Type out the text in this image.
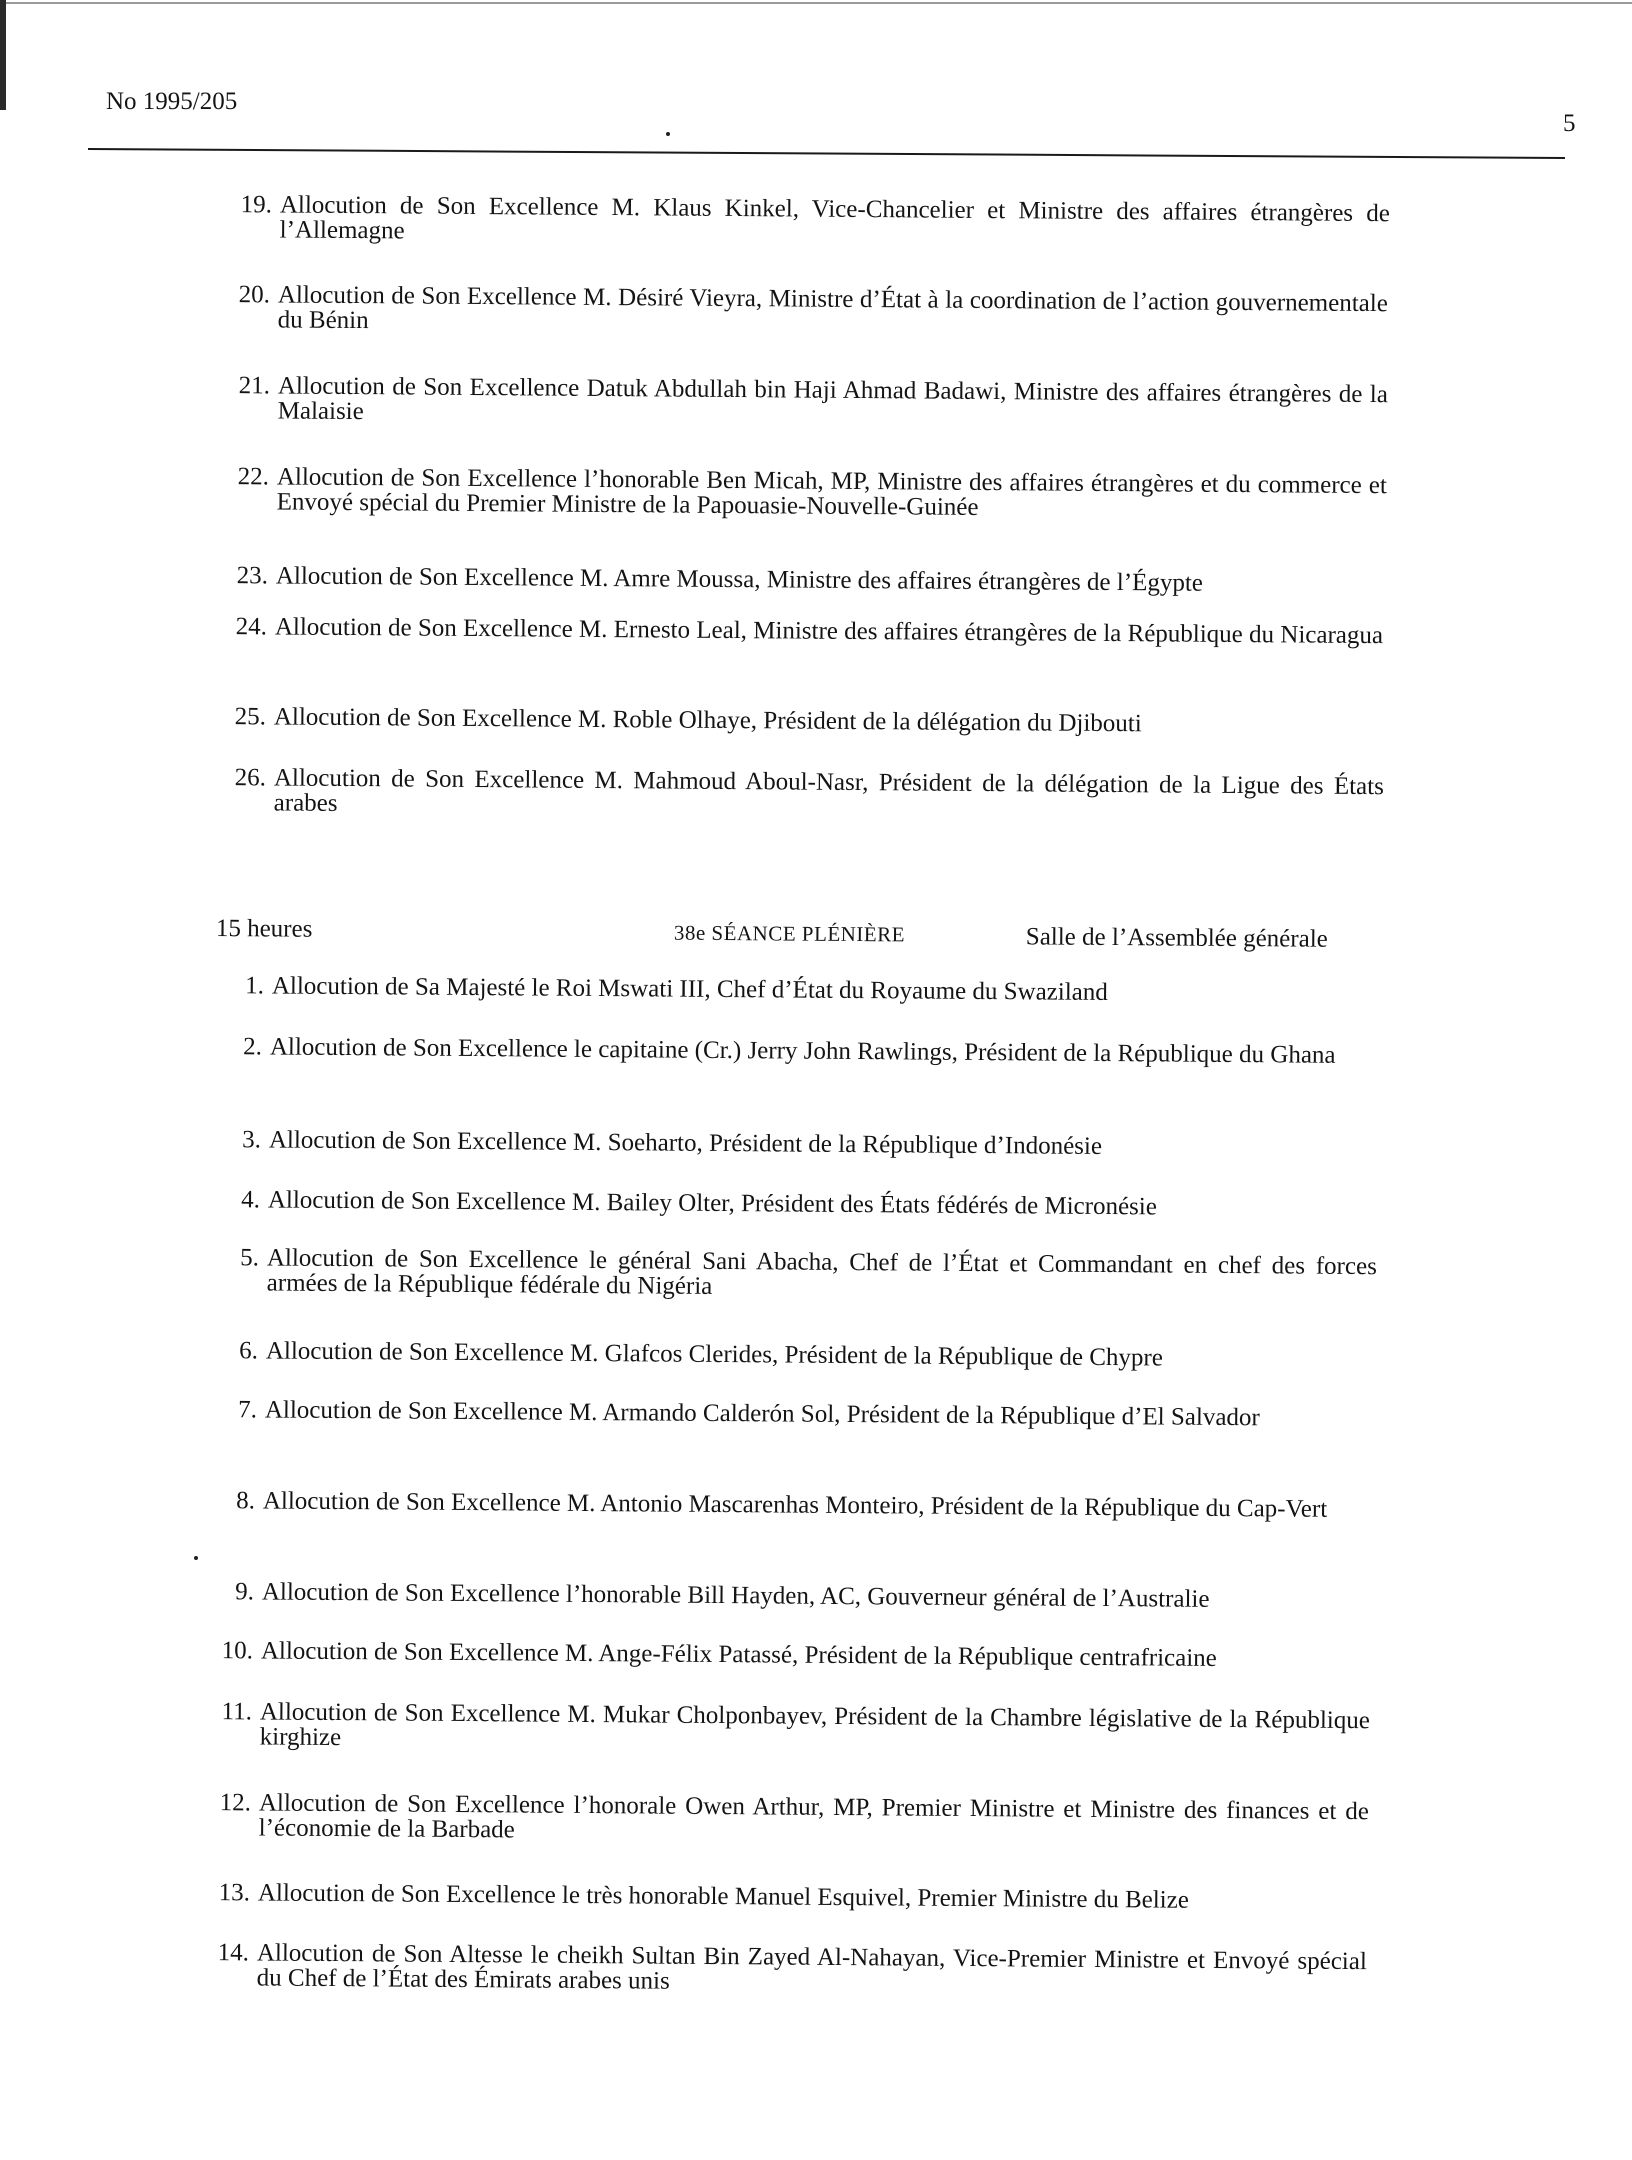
No 1995/205
5
19. Allocution de Son Excellence M. Klaus Kinkel, Vice-Chancelier et Ministre des affaires étrangères de l’Allemagne
20. Allocution de Son Excellence M. Désiré Vieyra, Ministre d’État à la coordination de l’action gouvernementale du Bénin
21. Allocution de Son Excellence Datuk Abdullah bin Haji Ahmad Badawi, Ministre des affaires étrangères de la Malaisie
22. Allocution de Son Excellence l’honorable Ben Micah, MP, Ministre des affaires étrangères et du commerce et Envoyé spécial du Premier Ministre de la Papouasie-Nouvelle-Guinée
23. Allocution de Son Excellence M. Amre Moussa, Ministre des affaires étrangères de l’Égypte
24. Allocution de Son Excellence M. Ernesto Leal, Ministre des affaires étrangères de la République du Nicaragua
25. Allocution de Son Excellence M. Roble Olhaye, Président de la délégation du Djibouti
26. Allocution de Son Excellence M. Mahmoud Aboul-Nasr, Président de la délégation de la Ligue des États arabes
15 heures	38e SÉANCE PLÉNIÈRE	Salle de l’Assemblée générale
1. Allocution de Sa Majesté le Roi Mswati III, Chef d’État du Royaume du Swaziland
2. Allocution de Son Excellence le capitaine (Cr.) Jerry John Rawlings, Président de la République du Ghana
3. Allocution de Son Excellence M. Soeharto, Président de la République d’Indonésie
4. Allocution de Son Excellence M. Bailey Olter, Président des États fédérés de Micronésie
5. Allocution de Son Excellence le général Sani Abacha, Chef de l’État et Commandant en chef des forces armées de la République fédérale du Nigéria
6. Allocution de Son Excellence M. Glafcos Clerides, Président de la République de Chypre
7. Allocution de Son Excellence M. Armando Calderón Sol, Président de la République d’El Salvador
8. Allocution de Son Excellence M. Antonio Mascarenhas Monteiro, Président de la République du Cap-Vert
9. Allocution de Son Excellence l’honorable Bill Hayden, AC, Gouverneur général de l’Australie
10. Allocution de Son Excellence M. Ange-Félix Patassé, Président de la République centrafricaine
11. Allocution de Son Excellence M. Mukar Cholponbayev, Président de la Chambre législative de la République kirghize
12. Allocution de Son Excellence l’honorale Owen Arthur, MP, Premier Ministre et Ministre des finances et de l’économie de la Barbade
13. Allocution de Son Excellence le très honorable Manuel Esquivel, Premier Ministre du Belize
14. Allocution de Son Altesse le cheikh Sultan Bin Zayed Al-Nahayan, Vice-Premier Ministre et Envoyé spécial du Chef de l’État des Émirats arabes unis
